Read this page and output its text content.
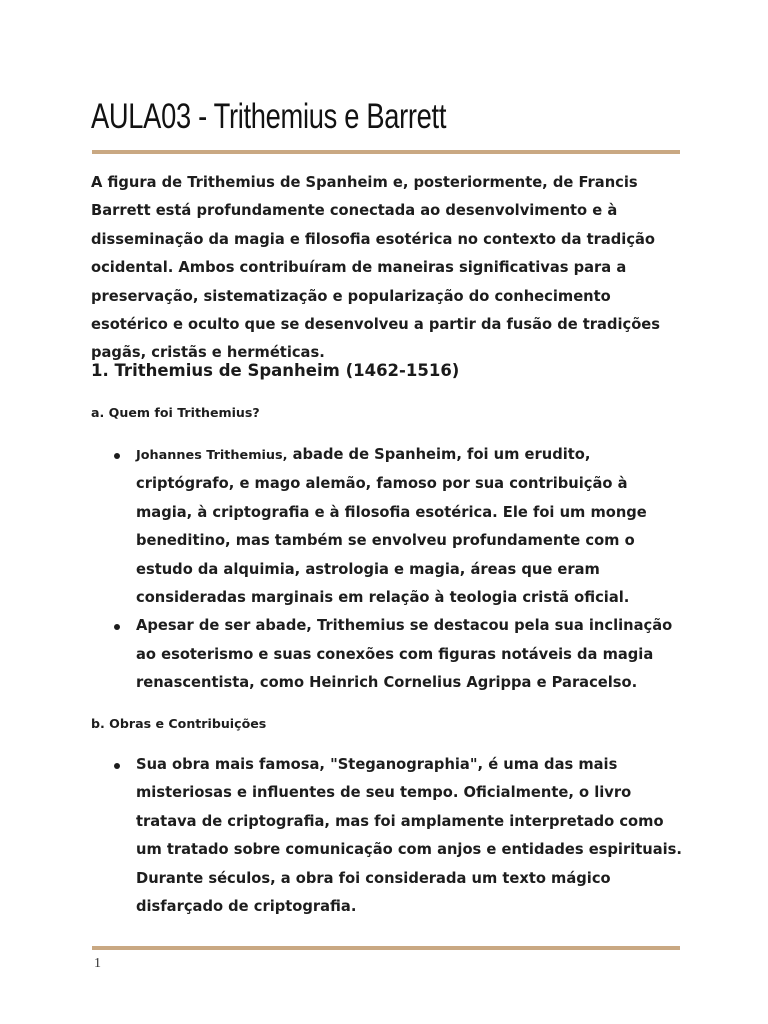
AULA03 - Trithemius e Barrett

A figura de Trithemius de Spanheim e, posteriormente, de Francis Barrett está profundamente conectada ao desenvolvimento e à disseminação da magia e filosofia esotérica no contexto da tradição ocidental. Ambos contribuíram de maneiras significativas para a preservação, sistematização e popularização do conhecimento esotérico e oculto que se desenvolveu a partir da fusão de tradições pagãs, cristãs e herméticas.

1. Trithemius de Spanheim (1462-1516)
a. Quem foi Trithemius?
Johannes Trithemius, abade de Spanheim, foi um erudito, criptógrafo, e mago alemão, famoso por sua contribuição à magia, à criptografia e à filosofia esotérica. Ele foi um monge beneditino, mas também se envolveu profundamente com o estudo da alquimia, astrologia e magia, áreas que eram consideradas marginais em relação à teologia cristã oficial.
Apesar de ser abade, Trithemius se destacou pela sua inclinação ao esoterismo e suas conexões com figuras notáveis da magia renascentista, como Heinrich Cornelius Agrippa e Paracelso.
b. Obras e Contribuições
Sua obra mais famosa, "Steganographia", é uma das mais misteriosas e influentes de seu tempo. Oficialmente, o livro tratava de criptografia, mas foi amplamente interpretado como um tratado sobre comunicação com anjos e entidades espirituais. Durante séculos, a obra foi considerada um texto mágico disfarçado de criptografia.
1
